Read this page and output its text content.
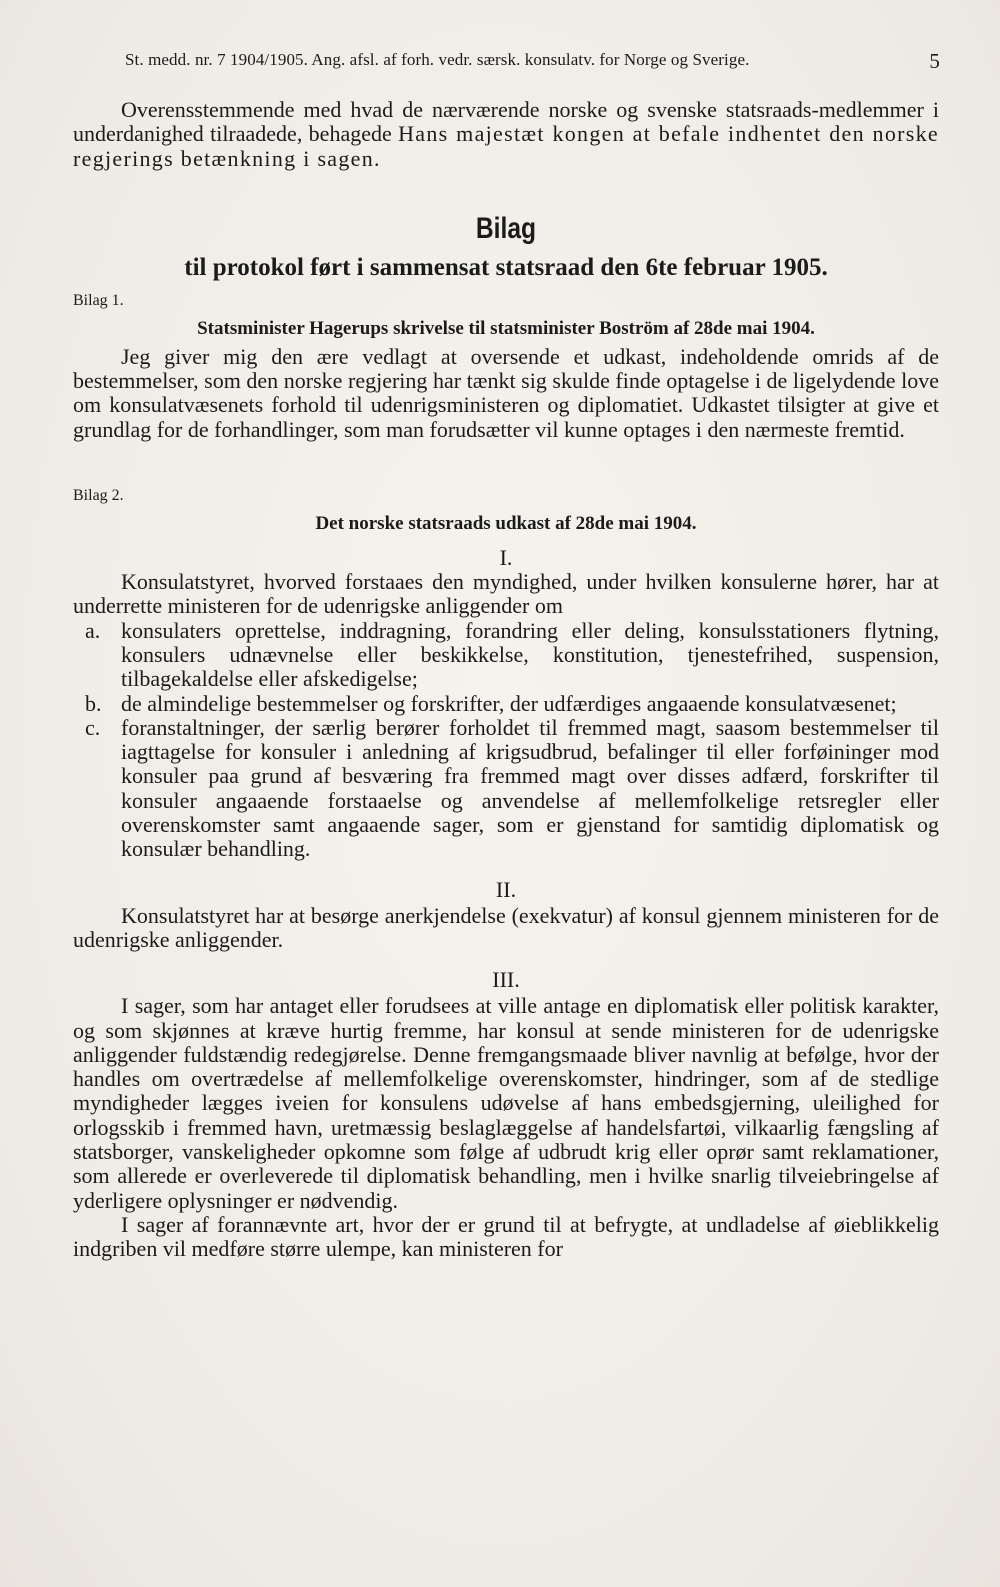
St. medd. nr. 7 1904/1905. Ang. afsl. af forh. vedr. særsk. konsulatv. for Norge og Sverige.	5

Overensstemmende med hvad de nærværende norske og svenske statsraads-medlemmer i underdanighed tilraadede, behagede Hans majestæt kongen at befale indhentet den norske regjerings betænkning i sagen.

Bilag
til protokol ført i sammensat statsraad den 6te februar 1905.
Bilag 1.
Statsminister Hagerups skrivelse til statsminister Boström af 28de mai 1904.

Jeg giver mig den ære vedlagt at oversende et udkast, indeholdende omrids af de bestemmelser, som den norske regjering har tænkt sig skulde finde optagelse i de ligelydende love om konsulatvæsenets forhold til udenrigsministeren og diplomatiet. Udkastet tilsigter at give et grundlag for de forhandlinger, som man forudsætter vil kunne optages i den nærmeste fremtid.

Bilag 2.
Det norske statsraads udkast af 28de mai 1904.
I.

Konsulatstyret, hvorved forstaaes den myndighed, under hvilken konsulerne hører, har at underrette ministeren for de udenrigske anliggender om

a. konsulaters oprettelse, inddragning, forandring eller deling, konsulsstationers flytning, konsulers udnævnelse eller beskikkelse, konstitution, tjenestefrihed, suspension, tilbagekaldelse eller afskedigelse;
b. de almindelige bestemmelser og forskrifter, der udfærdiges angaaende konsulatvæsenet;
c. foranstaltninger, der særlig berører forholdet til fremmed magt, saasom bestemmelser til iagttagelse for konsuler i anledning af krigsudbrud, befalinger til eller forføininger mod konsuler paa grund af besværing fra fremmed magt over disses adfærd, forskrifter til konsuler angaaende forstaaelse og anvendelse af mellemfolkelige retsregler eller overenskomster samt angaaende sager, som er gjenstand for samtidig diplomatisk og konsulær behandling.
II.

Konsulatstyret har at besørge anerkjendelse (exekvatur) af konsul gjennem ministeren for de udenrigske anliggender.

III.

I sager, som har antaget eller forudsees at ville antage en diplomatisk eller politisk karakter, og som skjønnes at kræve hurtig fremme, har konsul at sende ministeren for de udenrigske anliggender fuldstændig redegjørelse. Denne fremgangsmaade bliver navnlig at befølge, hvor der handles om overtrædelse af mellemfolkelige overenskomster, hindringer, som af de stedlige myndigheder lægges iveien for konsulens udøvelse af hans embedsgjerning, uleilighed for orlogsskib i fremmed havn, uretmæssig beslaglæggelse af handelsfartøi, vilkaarlig fængsling af statsborger, vanskeligheder opkomne som følge af udbrudt krig eller oprør samt reklamationer, som allerede er overleverede til diplomatisk behandling, men i hvilke snarlig tilveiebringelse af yderligere oplysninger er nødvendig.

I sager af forannævnte art, hvor der er grund til at befrygte, at undladelse af øieblikkelig indgriben vil medføre større ulempe, kan ministeren for
